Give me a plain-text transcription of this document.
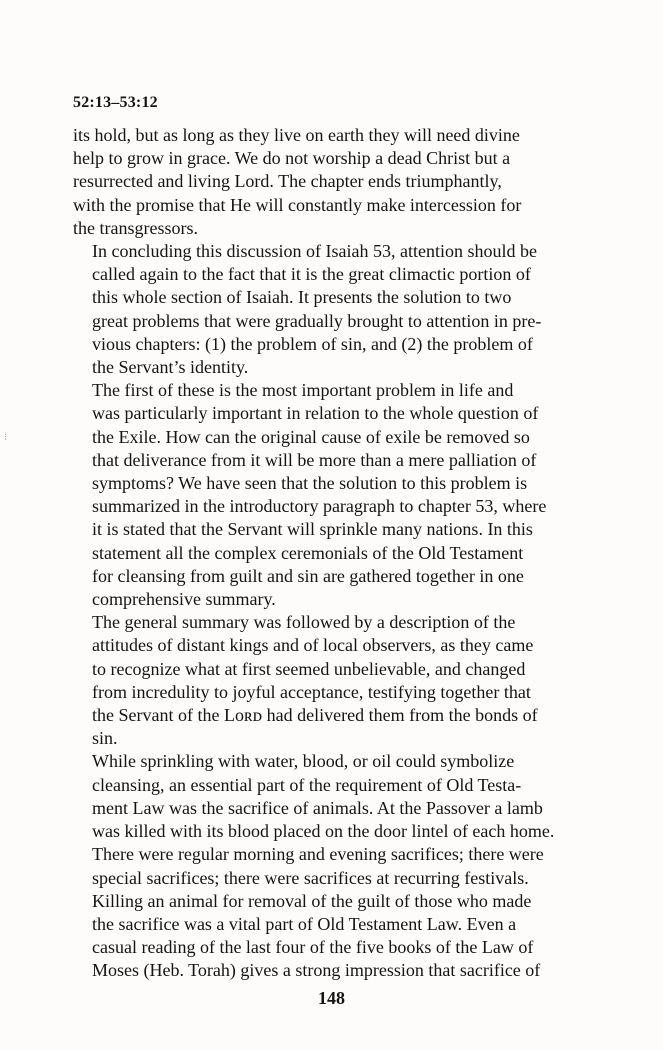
52:13–53:12

its hold, but as long as they live on earth they will need divine
help to grow in grace. We do not worship a dead Christ but a
resurrected and living Lord. The chapter ends triumphantly,
with the promise that He will constantly make intercession for
the transgressors.

In concluding this discussion of Isaiah 53, attention should be
called again to the fact that it is the great climactic portion of
this whole section of Isaiah. It presents the solution to two
great problems that were gradually brought to attention in pre-
vious chapters: (1) the problem of sin, and (2) the problem of
the Servant’s identity.

The first of these is the most important problem in life and
was particularly important in relation to the whole question of
the Exile. How can the original cause of exile be removed so
that deliverance from it will be more than a mere palliation of
symptoms? We have seen that the solution to this problem is
summarized in the introductory paragraph to chapter 53, where
it is stated that the Servant will sprinkle many nations. In this
statement all the complex ceremonials of the Old Testament
for cleansing from guilt and sin are gathered together in one
comprehensive summary.

The general summary was followed by a description of the
attitudes of distant kings and of local observers, as they came
to recognize what at first seemed unbelievable, and changed
from incredulity to joyful acceptance, testifying together that
the Servant of the Lᴏʀᴅ had delivered them from the bonds of
sin.

While sprinkling with water, blood, or oil could symbolize
cleansing, an essential part of the requirement of Old Testa-
ment Law was the sacrifice of animals. At the Passover a lamb
was killed with its blood placed on the door lintel of each home.
There were regular morning and evening sacrifices; there were
special sacrifices; there were sacrifices at recurring festivals.

Killing an animal for removal of the guilt of those who made
the sacrifice was a vital part of Old Testament Law. Even a
casual reading of the last four of the five books of the Law of
Moses (Heb. Torah) gives a strong impression that sacrifice of

148
⁝
